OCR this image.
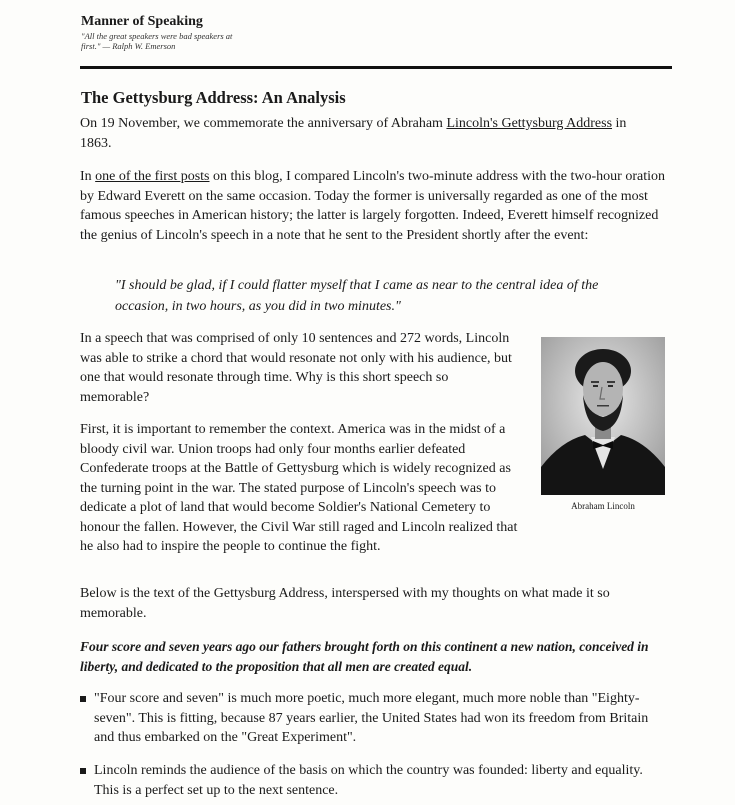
Manner of Speaking
"All the great speakers were bad speakers at first." — Ralph W. Emerson
The Gettysburg Address: An Analysis

On 19 November, we commemorate the anniversary of Abraham Lincoln's Gettysburg Address in 1863.

In one of the first posts on this blog, I compared Lincoln's two-minute address with the two-hour oration by Edward Everett on the same occasion. Today the former is universally regarded as one of the most famous speeches in American history; the latter is largely forgotten. Indeed, Everett himself recognized the genius of Lincoln's speech in a note that he sent to the President shortly after the event:

"I should be glad, if I could flatter myself that I came as near to the central idea of the occasion, in two hours, as you did in two minutes."

In a speech that was comprised of only 10 sentences and 272 words, Lincoln was able to strike a chord that would resonate not only with his audience, but one that would resonate through time. Why is this short speech so memorable?

First, it is important to remember the context. America was in the midst of a bloody civil war. Union troops had only four months earlier defeated Confederate troops at the Battle of Gettysburg which is widely recognized as the turning point in the war. The stated purpose of Lincoln's speech was to dedicate a plot of land that would become Soldier's National Cemetery to honour the fallen. However, the Civil War still raged and Lincoln realized that he also had to inspire the people to continue the fight.

Abraham Lincoln

Below is the text of the Gettysburg Address, interspersed with my thoughts on what made it so memorable.

Four score and seven years ago our fathers brought forth on this continent a new nation, conceived in liberty, and dedicated to the proposition that all men are created equal.

"Four score and seven" is much more poetic, much more elegant, much more noble than "Eighty-seven". This is fitting, because 87 years earlier, the United States had won its freedom from Britain and thus embarked on the "Great Experiment".
Lincoln reminds the audience of the basis on which the country was founded: liberty and equality. This is a perfect set up to the next sentence.
